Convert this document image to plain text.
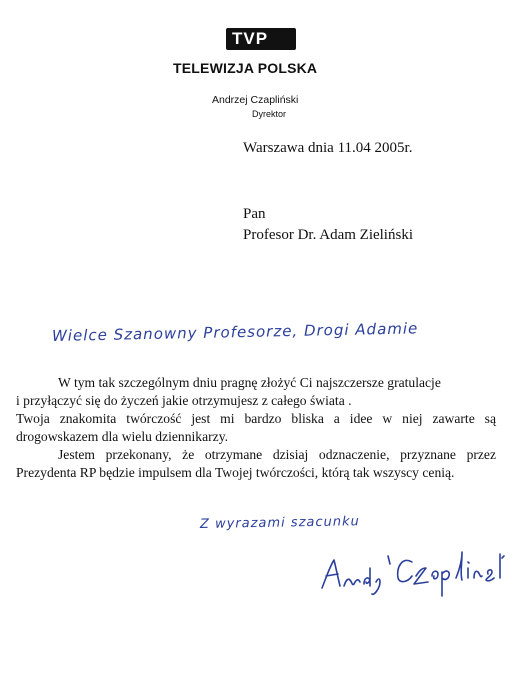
TVP 3
TELEWIZJA POLSKA
Andrzej Czapliński
Dyrektor
Warszawa dnia 11.04 2005r.
Pan
Profesor Dr. Adam Zieliński
Wielce Szanowny Profesorze, Drogi Adamie

W tym tak szczególnym dniu pragnę złożyć Ci najszczersze gratulacje

i przyłączyć się do życzeń jakie otrzymujesz z całego świata .

Twoja znakomita twórczość jest mi bardzo bliska a idee w niej zawarte są

drogowskazem dla wielu dziennikarzy.

Jestem przekonany, że otrzymane dzisiaj odznaczenie, przyznane przez

Prezydenta RP będzie impulsem dla Twojej twórczości, którą tak wszyscy cenią.

Z wyrazami szacunku
